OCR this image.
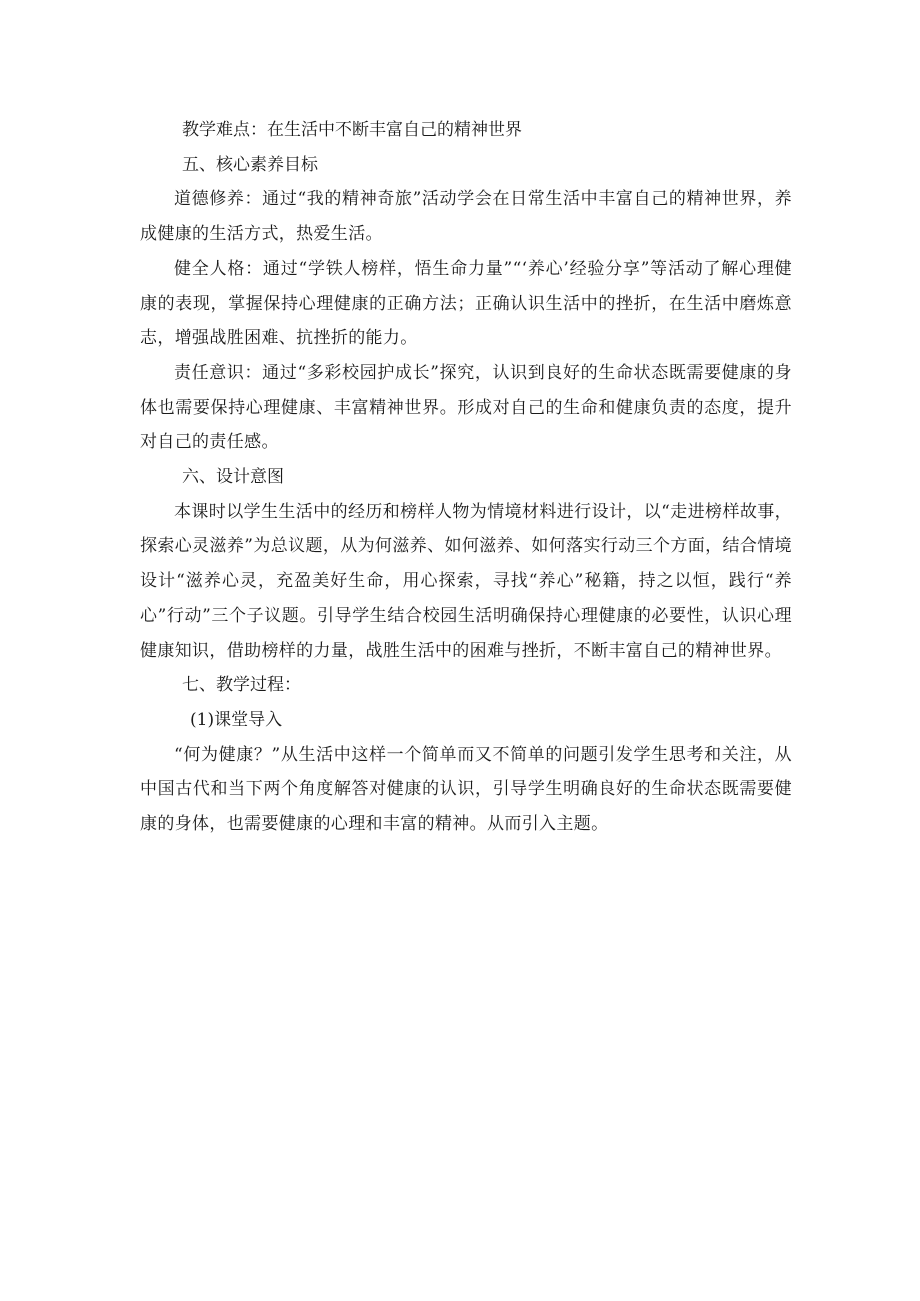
教学难点：在生活中不断丰富自己的精神世界

五、核心素养目标

道德修养：通过“我的精神奇旅”活动学会在日常生活中丰富自己的精神世界，养成健康的生活方式，热爱生活。

健全人格：通过“学铁人榜样，悟生命力量”“‘养心’经验分享”等活动了解心理健康的表现，掌握保持心理健康的正确方法；正确认识生活中的挫折，在生活中磨炼意志，增强战胜困难、抗挫折的能力。

责任意识：通过“多彩校园护成长”探究，认识到良好的生命状态既需要健康的身体也需要保持心理健康、丰富精神世界。形成对自己的生命和健康负责的态度，提升对自己的责任感。

六、设计意图

本课时以学生生活中的经历和榜样人物为情境材料进行设计，以“走进榜样故事，探索心灵滋养”为总议题，从为何滋养、如何滋养、如何落实行动三个方面，结合情境设计“滋养心灵，充盈美好生命，用心探索，寻找“养心”秘籍，持之以恒，践行“养心”行动”三个子议题。引导学生结合校园生活明确保持心理健康的必要性，认识心理健康知识，借助榜样的力量，战胜生活中的困难与挫折，不断丰富自己的精神世界。

七、教学过程：

(1)课堂导入

“何为健康？”从生活中这样一个简单而又不简单的问题引发学生思考和关注，从中国古代和当下两个角度解答对健康的认识，引导学生明确良好的生命状态既需要健康的身体，也需要健康的心理和丰富的精神。从而引入主题。
